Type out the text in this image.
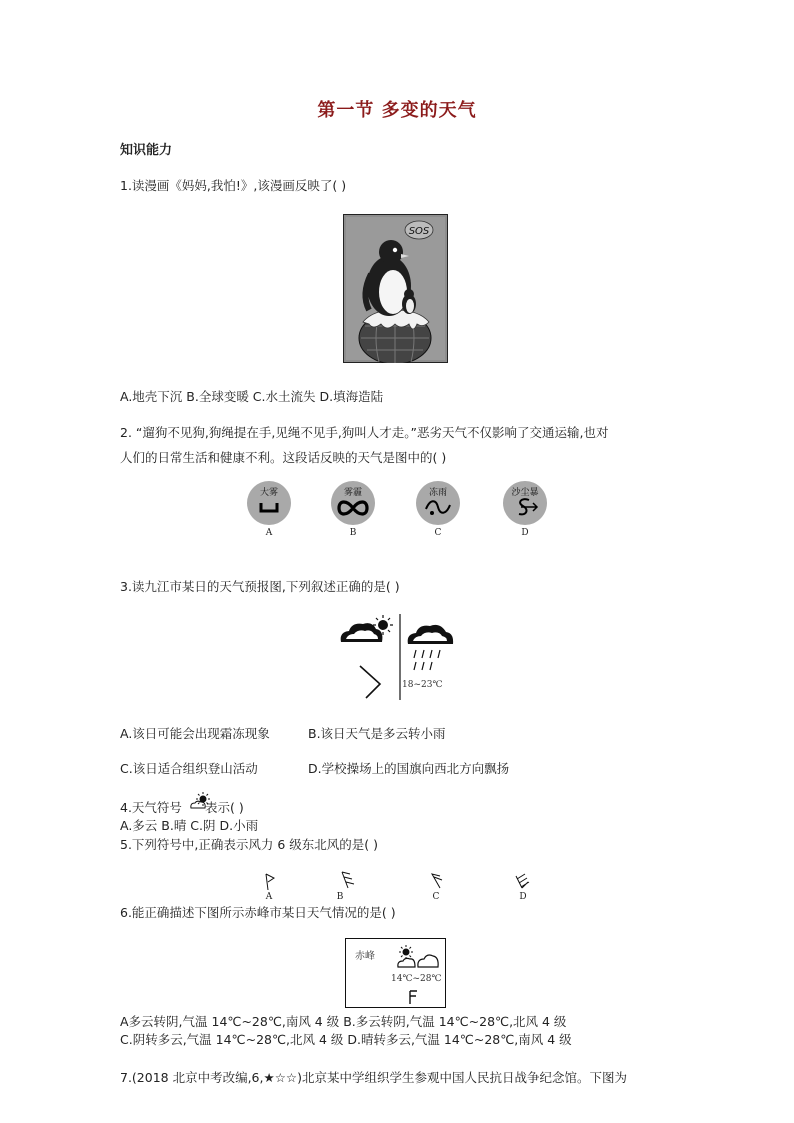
第一节 多变的天气
知识能力
1.读漫画《妈妈,我怕!》,该漫画反映了( )
SOS
A.地壳下沉 B.全球变暖 C.水土流失 D.填海造陆
2. “遛狗不见狗,狗绳提在手,见绳不见手,狗叫人才走。”恶劣天气不仅影响了交通运输,也对
人们的日常生活和健康不利。这段话反映的天气是图中的( )
大雾	雾霾	冻雨	沙尘暴
A	B	C	D
3.读九江市某日的天气预报图,下列叙述正确的是( )
18~23℃
A.该日可能会出现霜冻现象	B.该日天气是多云转小雨
C.该日适合组织登山活动	D.学校操场上的国旗向西北方向飘扬
4.天气符号 表示( )
A.多云 B.晴 C.阴 D.小雨
5.下列符号中,正确表示风力 6 级东北风的是( )
A	B	C	D
6.能正确描述下图所示赤峰市某日天气情况的是( )
赤峰
14℃~28℃
A多云转阴,气温 14℃~28℃,南风 4 级 B.多云转阴,气温 14℃~28℃,北风 4 级
C.阴转多云,气温 14℃~28℃,北风 4 级 D.晴转多云,气温 14℃~28℃,南风 4 级
7.(2018 北京中考改编,6,★☆☆)北京某中学组织学生参观中国人民抗日战争纪念馆。下图为
